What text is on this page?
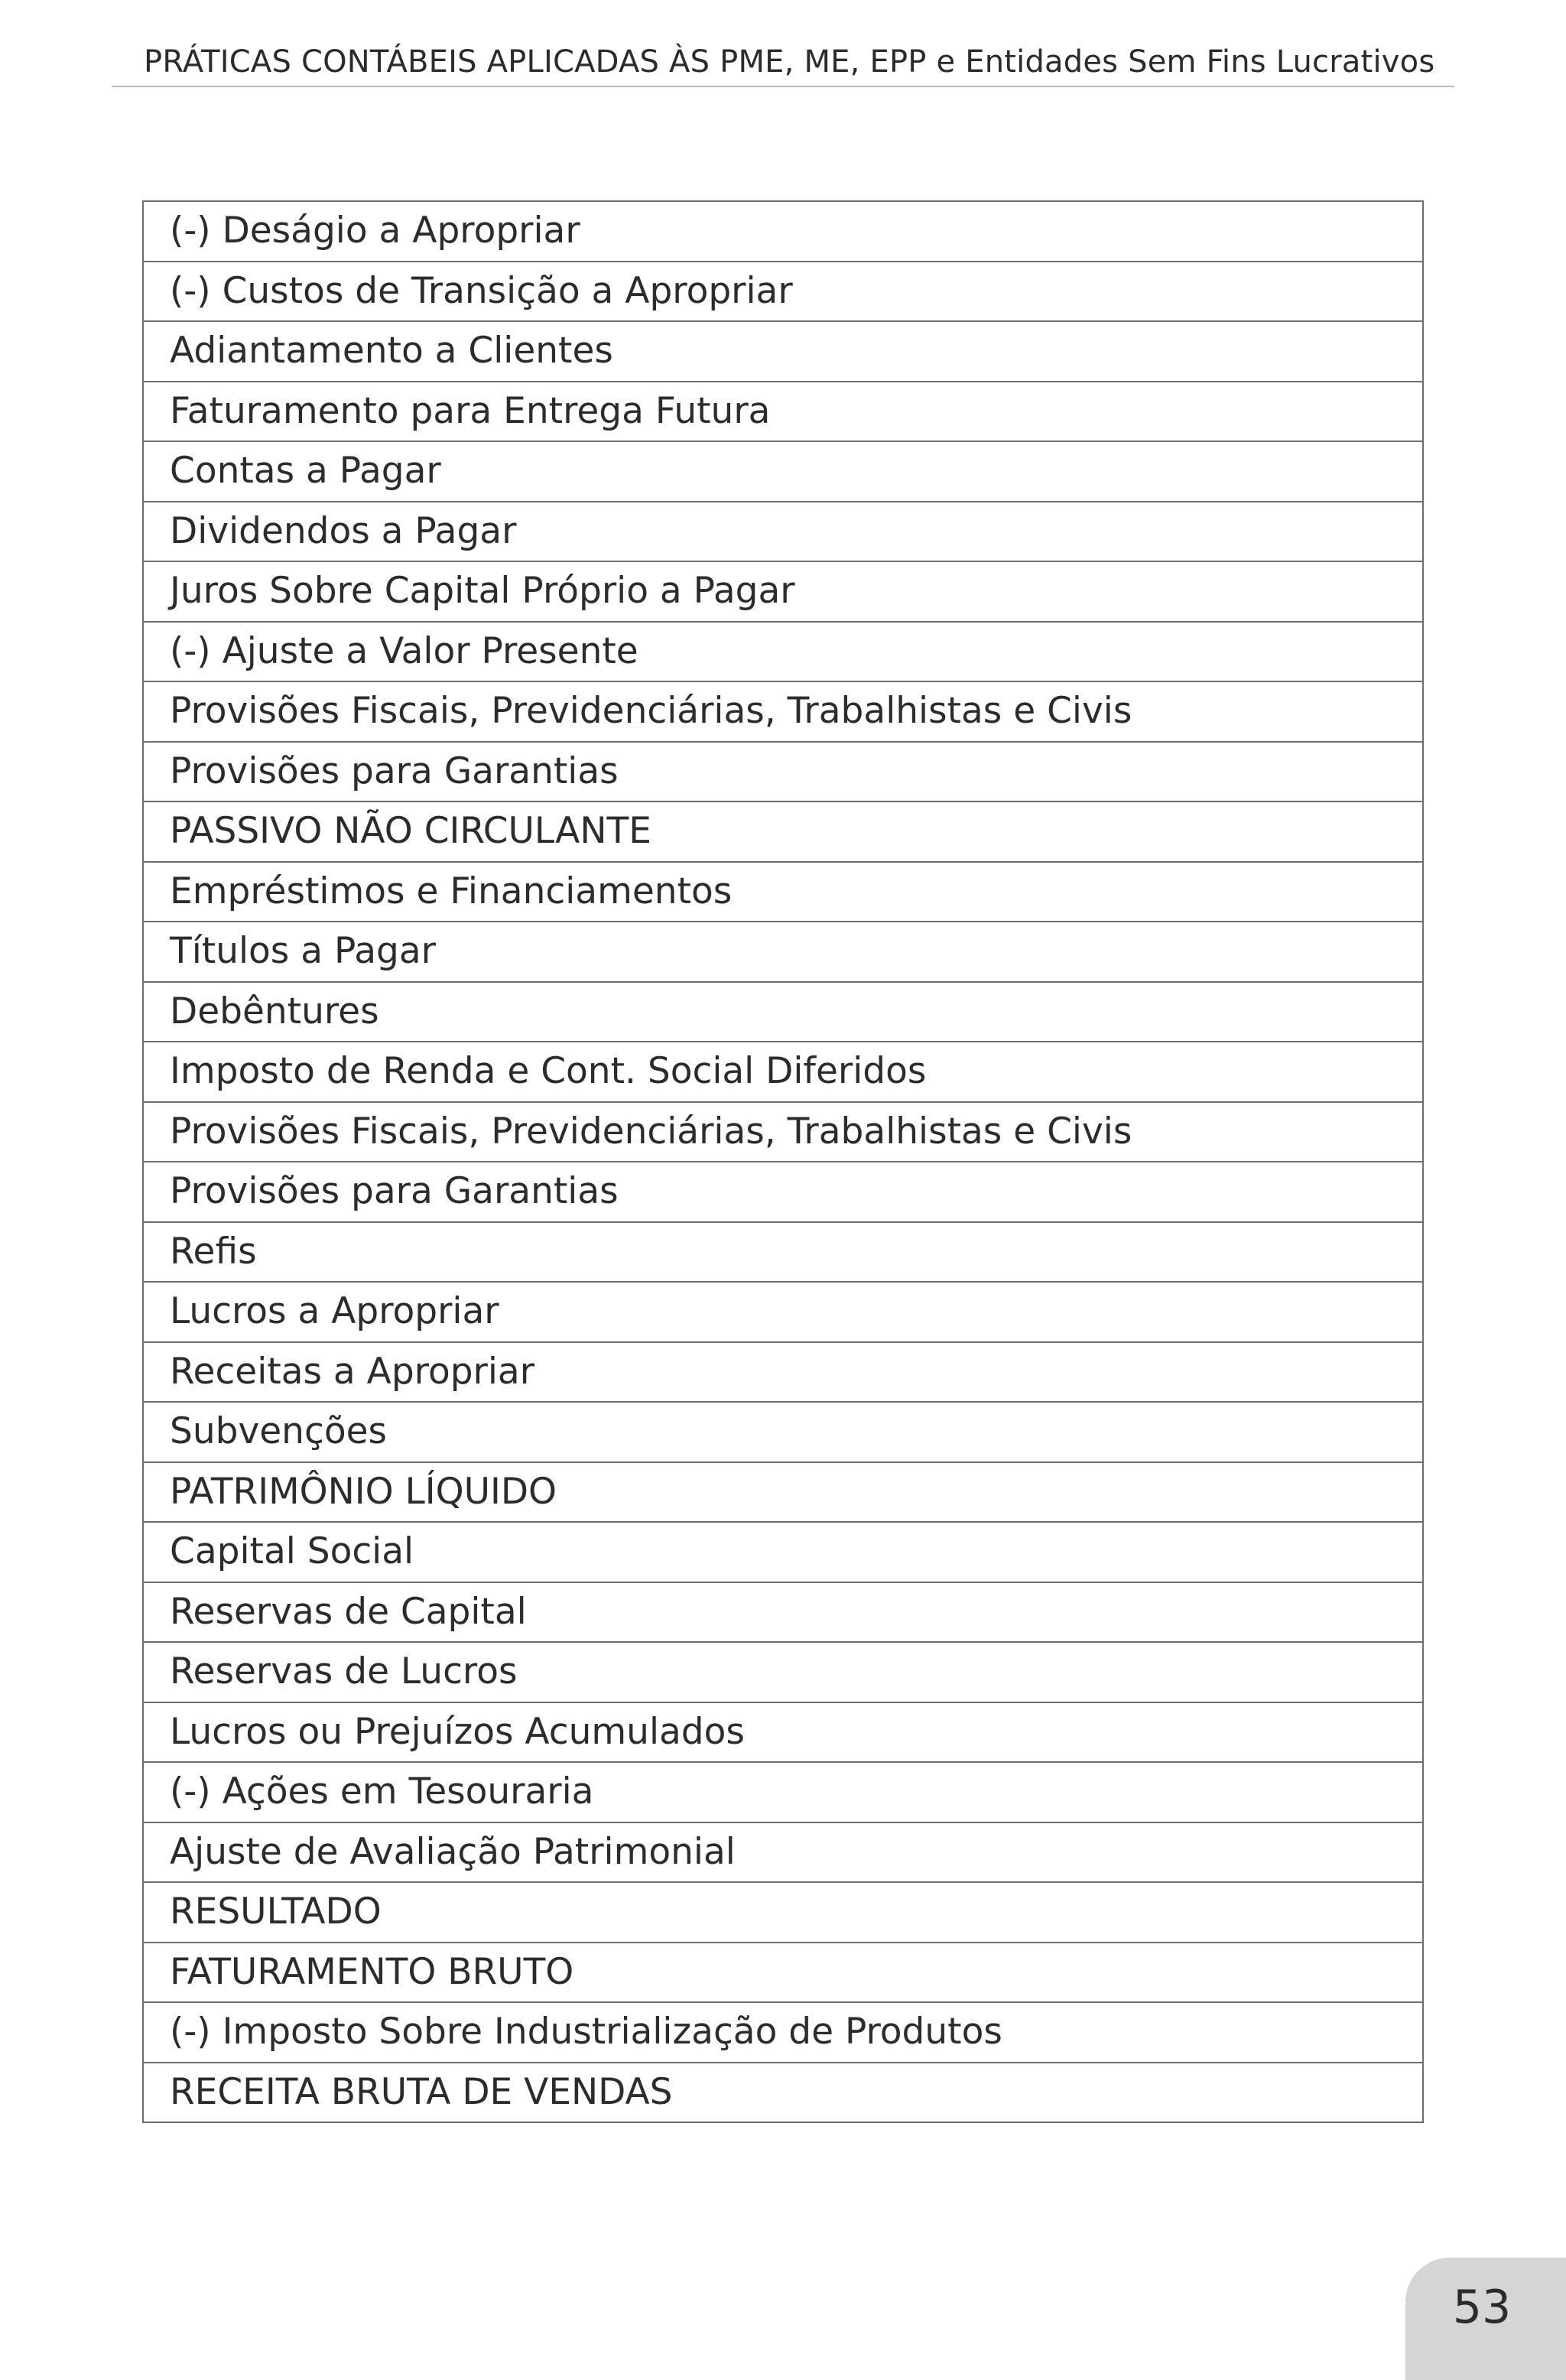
PRÁTICAS CONTÁBEIS APLICADAS ÀS PME, ME, EPP e Entidades Sem Fins Lucrativos
(-) Deságio a Apropriar
(-) Custos de Transição a Apropriar
Adiantamento a Clientes
Faturamento para Entrega Futura
Contas a Pagar
Dividendos a Pagar
Juros Sobre Capital Próprio a Pagar
(-) Ajuste a Valor Presente
Provisões Fiscais, Previdenciárias, Trabalhistas e Civis
Provisões para Garantias
PASSIVO NÃO CIRCULANTE
Empréstimos e Financiamentos
Títulos a Pagar
Debêntures
Imposto de Renda e Cont. Social Diferidos
Provisões Fiscais, Previdenciárias, Trabalhistas e Civis
Provisões para Garantias
Refis
Lucros a Apropriar
Receitas a Apropriar
Subvenções
PATRIMÔNIO LÍQUIDO
Capital Social
Reservas de Capital
Reservas de Lucros
Lucros ou Prejuízos Acumulados
(-) Ações em Tesouraria
Ajuste de Avaliação Patrimonial
RESULTADO
FATURAMENTO BRUTO
(-) Imposto Sobre Industrialização de Produtos
RECEITA BRUTA DE VENDAS
53
